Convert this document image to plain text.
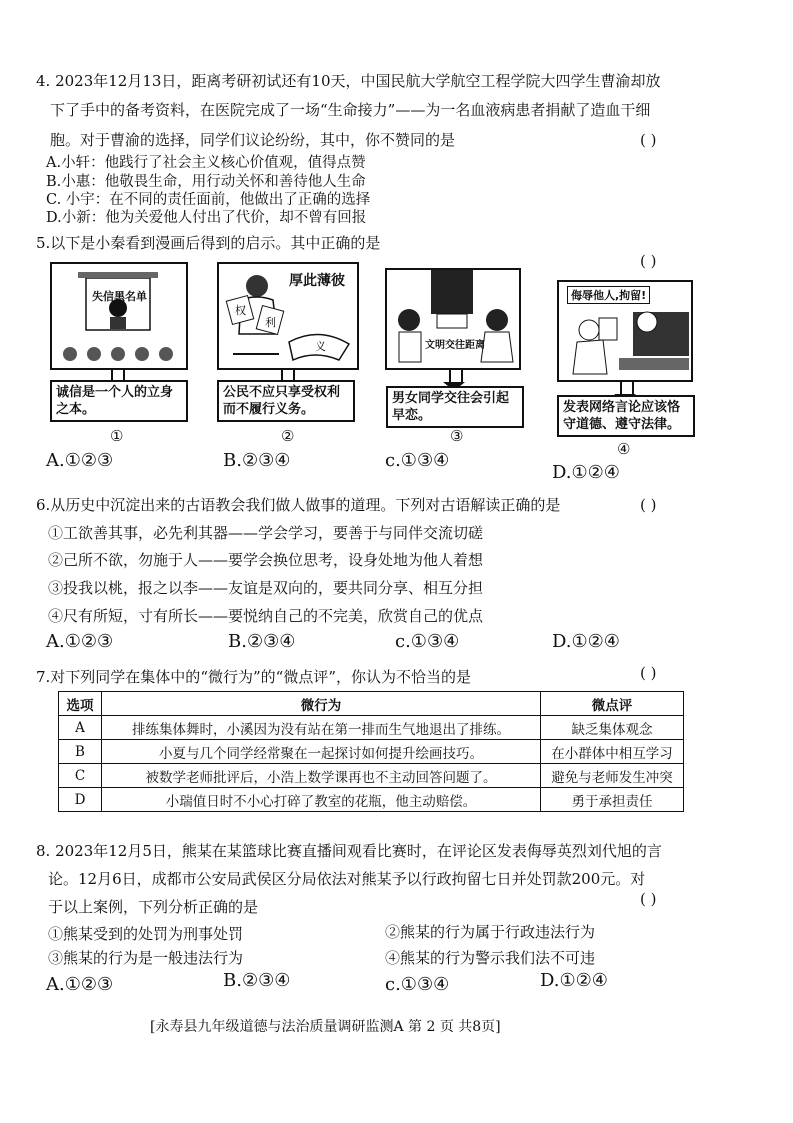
4. 2023年12月13日，距离考研初试还有10天，中国民航大学航空工程学院大四学生曹渝却放
下了手中的备考资料，在医院完成了一场“生命接力”——为一名血液病患者捐献了造血干细
胞。对于曹渝的选择，同学们议论纷纷，其中，你不赞同的是	( )
A.小轩：他践行了社会主义核心价值观，值得点赞
B.小惠：他敬畏生命，用行动关怀和善待他人生命
C. 小宇：在不同的责任面前，他做出了正确的选择
D.小新：他为关爱他人付出了代价，却不曾有回报
5.以下是小秦看到漫画后得到的启示。其中正确的是
( )
失信黑名单
诚信是一个人的立身之本。
①
厚此薄彼
权
利
义
公民不应只享受权利而不履行义务。
②
文明交往距离
男女同学交往会引起早恋。
③
侮辱他人,拘留!
发表网络言论应该恪守道德、遵守法律。
④
A.①②③	B.②③④	c.①③④
D.①②④
6.从历史中沉淀出来的古语教会我们做人做事的道理。下列对古语解读正确的是	( )
①工欲善其事，必先利其器——学会学习，要善于与同伴交流切磋
②己所不欲，勿施于人——要学会换位思考，设身处地为他人着想
③投我以桃，报之以李——友谊是双向的，要共同分享、相互分担
④尺有所短，寸有所长——要悦纳自己的不完美，欣赏自己的优点
A.①②③	B.②③④	c.①③④	D.①②④
7.对下列同学在集体中的“微行为”的“微点评”，你认为不恰当的是	( )
选项	微行为	微点评
A	排练集体舞时，小溪因为没有站在第一排而生气地退出了排练。	缺乏集体观念
B	小夏与几个同学经常聚在一起探讨如何提升绘画技巧。	在小群体中相互学习
C	被数学老师批评后，小浩上数学课再也不主动回答问题了。	避免与老师发生冲突
D	小瑞值日时不小心打碎了教室的花瓶，他主动赔偿。	勇于承担责任
8. 2023年12月5日，熊某在某篮球比赛直播间观看比赛时，在评论区发表侮辱英烈刘代旭的言
论。12月6日，成都市公安局武侯区分局依法对熊某予以行政拘留七日并处罚款200元。对
于以上案例，下列分析正确的是	( )
①熊某受到的处罚为刑事处罚	②熊某的行为属于行政违法行为
③熊某的行为是一般违法行为	④熊某的行为警示我们法不可违
A.①②③	B.②③④	c.①③④	D.①②④
[永寿县九年级道德与法治质量调研监测A 第 2 页 共8页]
